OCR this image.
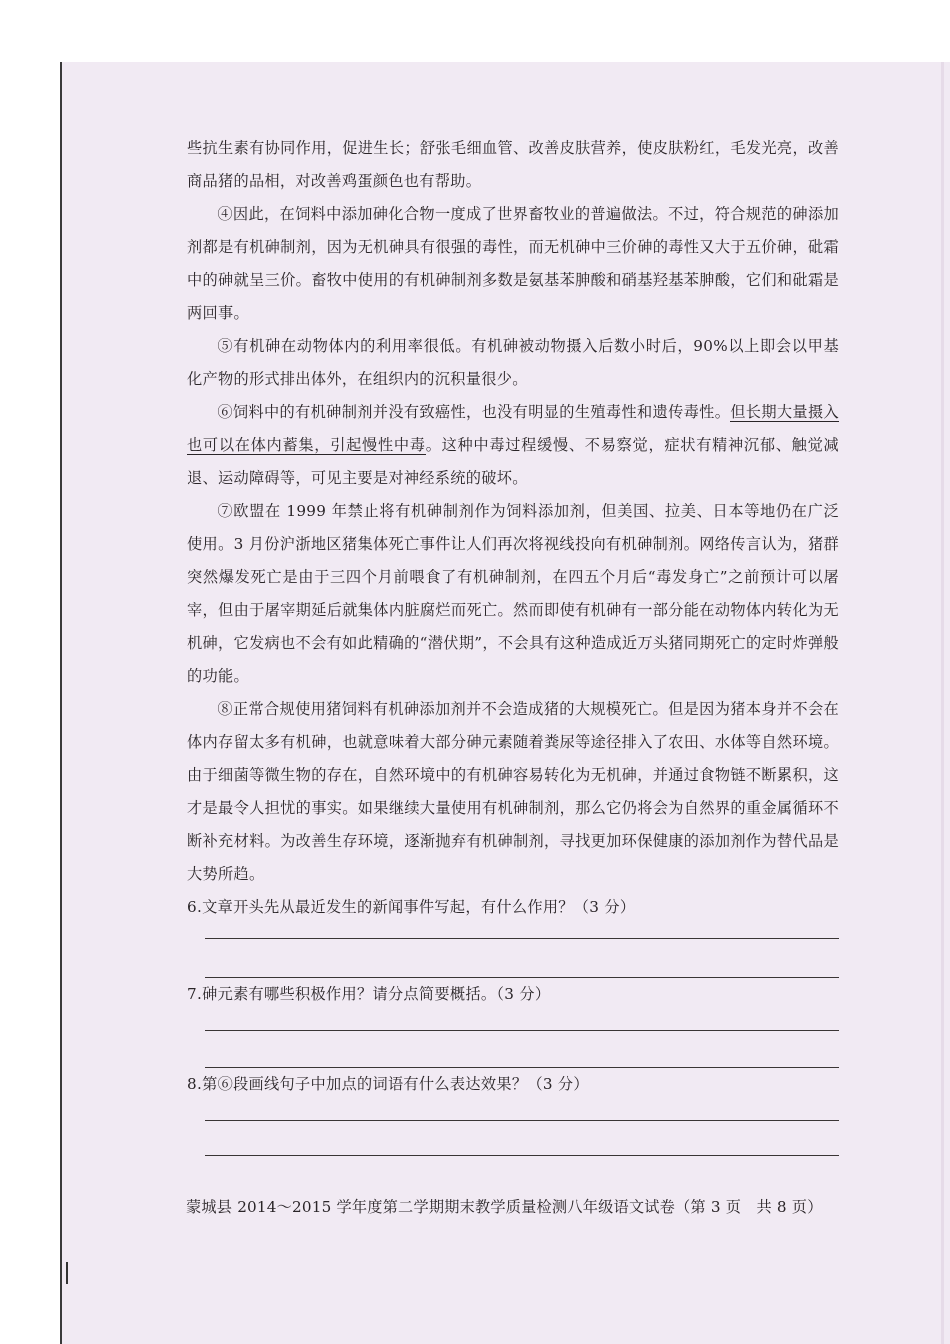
些抗生素有协同作用，促进生长；舒张毛细血管、改善皮肤营养，使皮肤粉红，毛发光亮，改善商品猪的品相，对改善鸡蛋颜色也有帮助。

④因此，在饲料中添加砷化合物一度成了世界畜牧业的普遍做法。不过，符合规范的砷添加剂都是有机砷制剂，因为无机砷具有很强的毒性，而无机砷中三价砷的毒性又大于五价砷，砒霜中的砷就呈三价。畜牧中使用的有机砷制剂多数是氨基苯胂酸和硝基羟基苯胂酸，它们和砒霜是两回事。

⑤有机砷在动物体内的利用率很低。有机砷被动物摄入后数小时后，90%以上即会以甲基化产物的形式排出体外，在组织内的沉积量很少。

⑥饲料中的有机砷制剂并没有致癌性，也没有明显的生殖毒性和遗传毒性。但长期大量摄入也可以在体内蓄集，引起慢性中毒。这种中毒过程缓慢、不易察觉，症状有精神沉郁、触觉减退、运动障碍等，可见主要是对神经系统的破坏。

⑦欧盟在 1999 年禁止将有机砷制剂作为饲料添加剂，但美国、拉美、日本等地仍在广泛使用。3 月份沪浙地区猪集体死亡事件让人们再次将视线投向有机砷制剂。网络传言认为，猪群突然爆发死亡是由于三四个月前喂食了有机砷制剂，在四五个月后“毒发身亡”之前预计可以屠宰，但由于屠宰期延后就集体内脏腐烂而死亡。然而即使有机砷有一部分能在动物体内转化为无机砷，它发病也不会有如此精确的“潜伏期”，不会具有这种造成近万头猪同期死亡的定时炸弹般的功能。

⑧正常合规使用猪饲料有机砷添加剂并不会造成猪的大规模死亡。但是因为猪本身并不会在体内存留太多有机砷，也就意味着大部分砷元素随着粪尿等途径排入了农田、水体等自然环境。由于细菌等微生物的存在，自然环境中的有机砷容易转化为无机砷，并通过食物链不断累积，这才是最令人担忧的事实。如果继续大量使用有机砷制剂，那么它仍将会为自然界的重金属循环不断补充材料。为改善生存环境，逐渐抛弃有机砷制剂，寻找更加环保健康的添加剂作为替代品是大势所趋。

6.文章开头先从最近发生的新闻事件写起，有什么作用？（3 分）

7.砷元素有哪些积极作用？请分点简要概括。（3 分）

8.第⑥段画线句子中加点的词语有什么表达效果？（3 分）

蒙城县 2014～2015 学年度第二学期期末教学质量检测八年级语文试卷（第 3 页　共 8 页）
